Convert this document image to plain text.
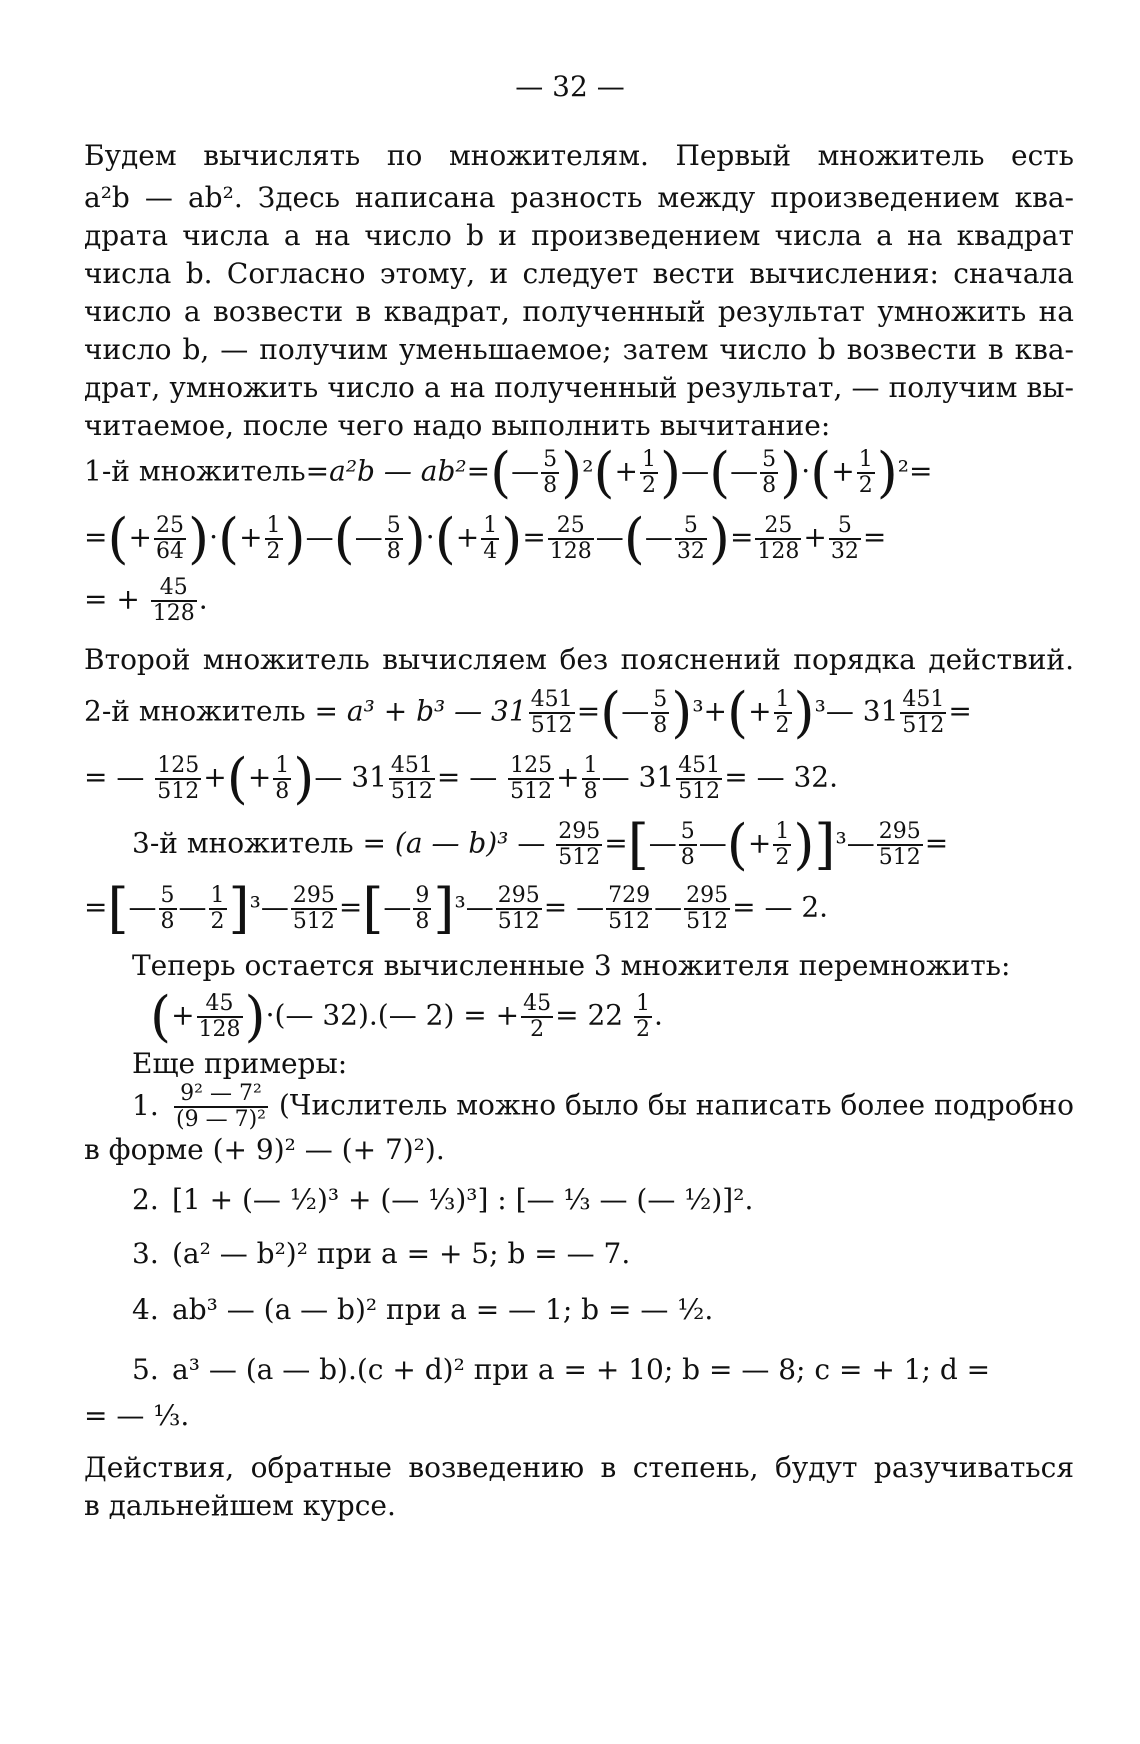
— 32 —
Будем вычислять по множителям. Первый множитель есть
a²b — ab². Здесь написана разность между произведением ква-
драта числа a на число b и произведением числа a на квадрат
числа b. Согласно этому, и следует вести вычисления: сначала
число a возвести в квадрат, полученный результат умножить на
число b, — получим уменьшаемое; затем число b возвести в ква-
драт, умножить число a на полученный результат, — получим вы-
читаемое, после чего надо выполнить вычитание:
1-й множитель=a²b — ab²=(— $\frac{5}{8} )^2(+ \frac{1}{2}$ )—(— $\frac{5}{8}$ )·(+ $\frac{1}{2} )^2=$
=(+ $\frac{25}{64}$ )·(+ $\frac{1}{2}$ )—(— $\frac{5}{8}$ )·(+ $\frac{1}{4}$ )= $\frac{25}{128}$ —(— $\frac{5}{32}$ )= $\frac{25}{128} + \frac{5}{32}$ =
= + $\frac{45}{128}$ .
Второй множитель вычисляем без пояснений порядка действий.
2-й множитель = a³ + b³ — $31 \frac{451}{512}$ =(— $\frac{5}{8} )^3+(+ \frac{1}{2}$ )³— $31 \frac{451}{512}$ =
= — $\frac{125}{512}$ +(+ $\frac{1}{8}$ )— $31 \frac{451}{512}$ = — $\frac{125}{512} + \frac{1}{8}$ — $31 \frac{451}{512}$ = — 32.
3-й множитель = (a — b)³ — $\frac{295}{512}$ =[— $\frac{5}{8}$ —(+ $\frac{1}{2}$ )]³— $\frac{295}{512}$ =
=[— $\frac{5}{8}$ — $\frac{1}{2}$ ]³— $\frac{295}{512}$ =[— $\frac{9}{8}$ ]³— $\frac{295}{512}$ = — $\frac{729}{512}$ — $\frac{295}{512}$ = — 2.
Теперь остается вычисленные 3 множителя перемножить:
(+ $\frac{45}{128}$ )·(— 32).(— 2) = + $\frac{45}{2} = 22 \frac{1}{2}$ .
Еще примеры:
1. $\frac{\text{9² — 7²}}{\text{(9 — 7)²}}$ (Числитель можно было бы написать более подробно
в форме (+ 9)² — (+ 7)²).
2. [1 + (— ½)³ + (— ⅓)³] : [— ⅓ — (— ½)]².
3. (a² — b²)² при a = + 5; b = — 7.
4. ab³ — (a — b)² при a = — 1; b = — ½.
5. a³ — (a — b).(c + d)² при a = + 10; b = — 8; c = + 1; d =
= — ⅓.
Действия, обратные возведению в степень, будут разучиваться
в дальнейшем курсе.
